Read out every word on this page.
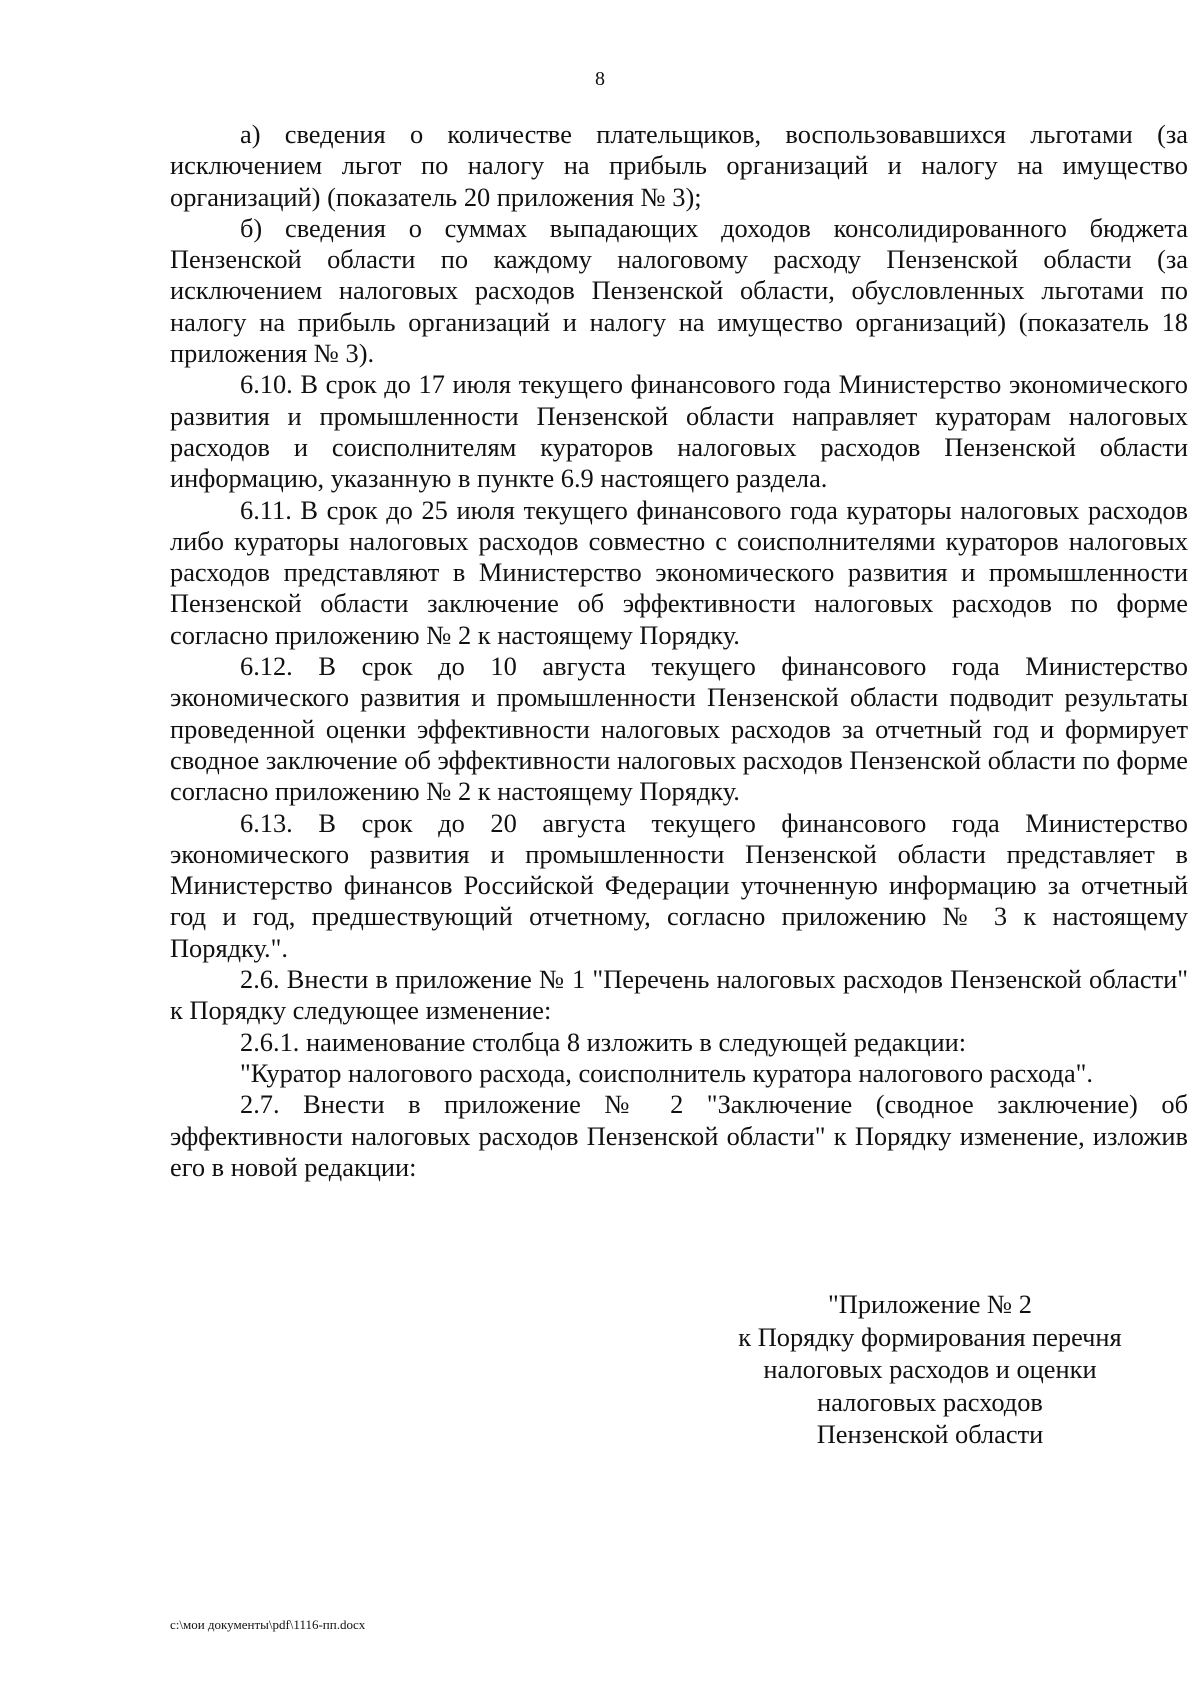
8

а) сведения о количестве плательщиков, воспользовавшихся льготами (за исключением льгот по налогу на прибыль организаций и налогу на имущество организаций) (показатель 20 приложения № 3);

б) сведения о суммах выпадающих доходов консолидированного бюджета Пензенской области по каждому налоговому расходу Пензенской области (за исключением налоговых расходов Пензенской области, обусловленных льготами по налогу на прибыль организаций и налогу на имущество организаций) (показатель 18 приложения № 3).

6.10. В срок до 17 июля текущего финансового года Министерство экономического развития и промышленности Пензенской области направляет кураторам налоговых расходов и соисполнителям кураторов налоговых расходов Пензенской области информацию, указанную в пункте 6.9 настоящего раздела.

6.11. В срок до 25 июля текущего финансового года кураторы налоговых расходов либо кураторы налоговых расходов совместно с соисполнителями кураторов налоговых расходов представляют в Министерство экономического развития и промышленности Пензенской области заключение об эффективности налоговых расходов по форме согласно приложению № 2 к настоящему Порядку.

6.12. В срок до 10 августа текущего финансового года Министерство экономического развития и промышленности Пензенской области подводит результаты проведенной оценки эффективности налоговых расходов за отчетный год и формирует сводное заключение об эффективности налоговых расходов Пензенской области по форме согласно приложению № 2 к настоящему Порядку.

6.13. В срок до 20 августа текущего финансового года Министерство экономического развития и промышленности Пензенской области представляет в Министерство финансов Российской Федерации уточненную информацию за отчетный год и год, предшествующий отчетному, согласно приложению № 3 к настоящему Порядку.".

2.6. Внести в приложение № 1 "Перечень налоговых расходов Пензенской области" к Порядку следующее изменение:

2.6.1. наименование столбца 8 изложить в следующей редакции:

"Куратор налогового расхода, соисполнитель куратора налогового расхода".

2.7. Внести в приложение № 2 "Заключение (сводное заключение) об эффективности налоговых расходов Пензенской области" к Порядку изменение, изложив его в новой редакции:

"Приложение № 2
к Порядку формирования перечня
налоговых расходов и оценки
налоговых расходов
Пензенской области
c:\мои документы\pdf\1116-пп.docx
